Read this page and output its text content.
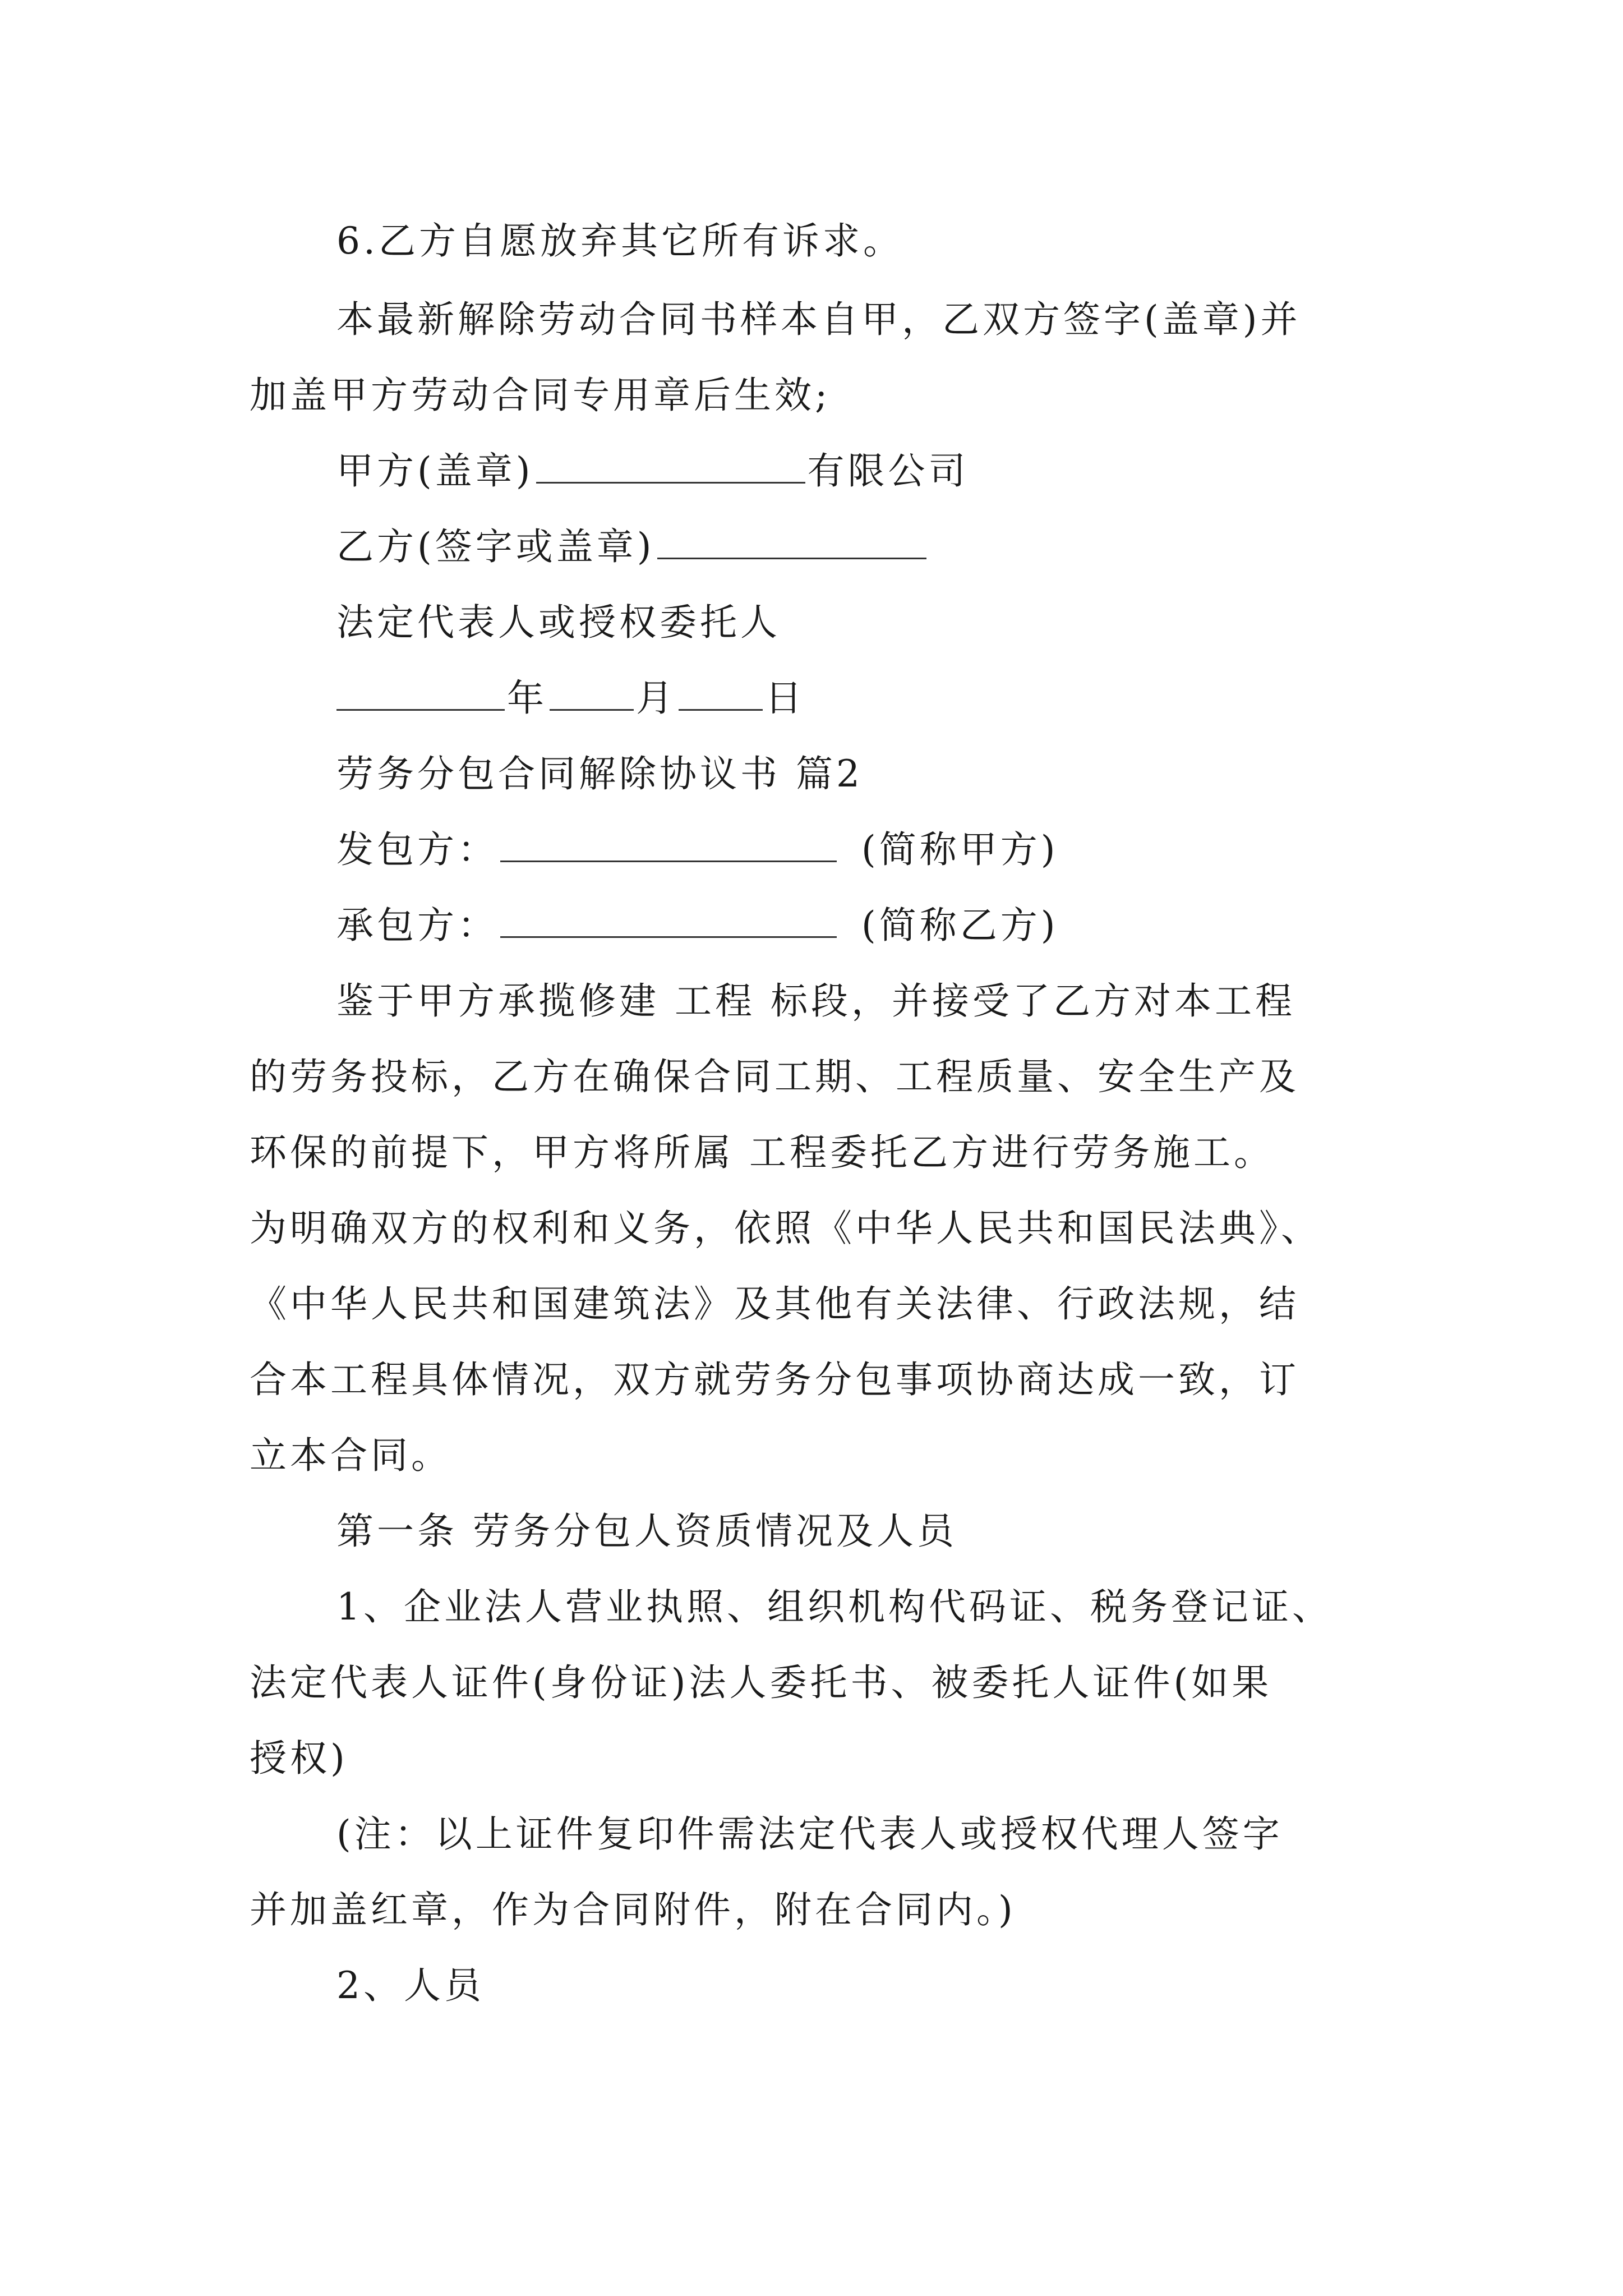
6.乙方自愿放弃其它所有诉求。
本最新解除劳动合同书样本自甲，乙双方签字(盖章)并
加盖甲方劳动合同专用章后生效;
甲方(盖章)	有限公司
乙方(签字或盖章)
法定代表人或授权委托人
年 月 日
劳务分包合同解除协议书 篇2
发包方：	(简称甲方)
承包方：	(简称乙方)
鉴于甲方承揽修建 工程 标段，并接受了乙方对本工程
的劳务投标，乙方在确保合同工期、工程质量、安全生产及
环保的前提下，甲方将所属 工程委托乙方进行劳务施工。
为明确双方的权利和义务，依照《中华人民共和国民法典》、
《中华人民共和国建筑法》及其他有关法律、行政法规，结
合本工程具体情况，双方就劳务分包事项协商达成一致，订
立本合同。
第一条 劳务分包人资质情况及人员
1、企业法人营业执照、组织机构代码证、税务登记证、
法定代表人证件(身份证)法人委托书、被委托人证件(如果
授权)
(注：以上证件复印件需法定代表人或授权代理人签字
并加盖红章，作为合同附件，附在合同内。)
2、人员
